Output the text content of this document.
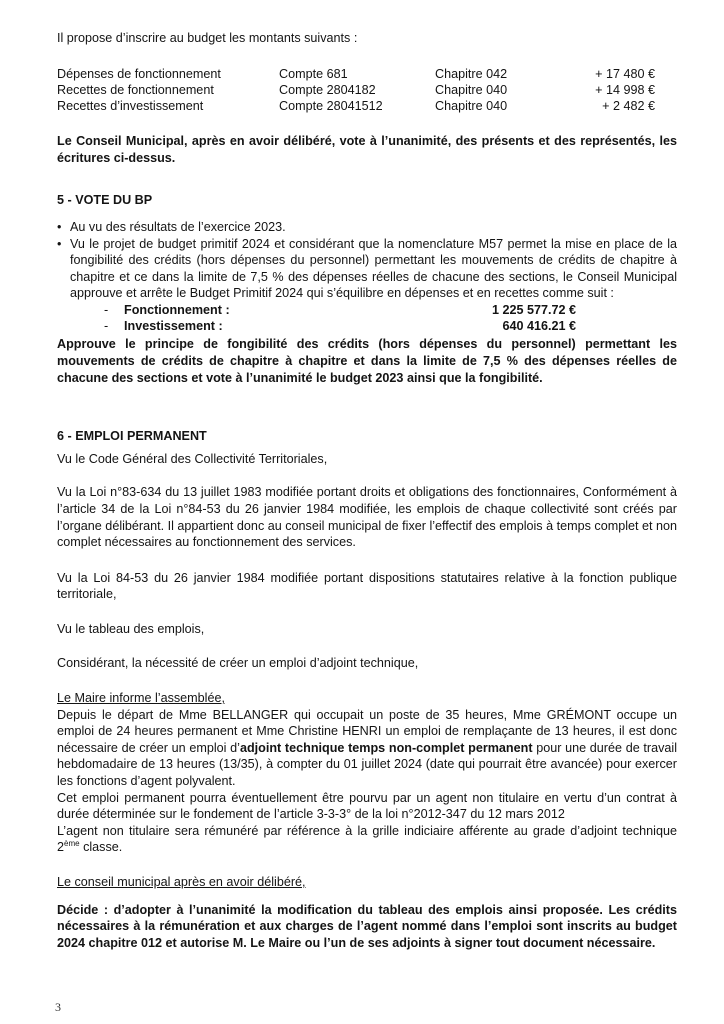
Il propose d’inscrire au budget les montants suivants :

Dépenses de fonctionnement	Compte 681	Chapitre 042	+ 17 480 €
Recettes de fonctionnement	Compte 2804182	Chapitre 040	+ 14 998 €
Recettes d’investissement	Compte 28041512	Chapitre 040	+ 2 482 €

Le Conseil Municipal, après en avoir délibéré, vote à l’unanimité, des présents et des représentés, les écritures ci-dessus.

5 - VOTE DU BP

• Au vu des résultats de l’exercice 2023.
• Vu le projet de budget primitif 2024 et considérant que la nomenclature M57 permet la mise en place de la fongibilité des crédits (hors dépenses du personnel) permettant les mouvements de crédits de chapitre à chapitre et ce dans la limite de 7,5 % des dépenses réelles de chacune des sections, le Conseil Municipal approuve et arrête le Budget Primitif 2024 qui s’équilibre en dépenses et en recettes comme suit :
-	Fonctionnement :	1 225 577.72 €
-	Investissement :	640 416.21 €

Approuve le principe de fongibilité des crédits (hors dépenses du personnel) permettant les mouvements de crédits de chapitre à chapitre et dans la limite de 7,5 % des dépenses réelles de chacune des sections et vote à l’unanimité le budget 2023 ainsi que la fongibilité.

6 - EMPLOI PERMANENT

Vu le Code Général des Collectivité Territoriales,

Vu la Loi n°83-634 du 13 juillet 1983 modifiée portant droits et obligations des fonctionnaires, Conformément à l’article 34 de la Loi n°84-53 du 26 janvier 1984 modifiée, les emplois de chaque collectivité sont créés par l’organe délibérant. Il appartient donc au conseil municipal de fixer l’effectif des emplois à temps complet et non complet nécessaires au fonctionnement des services.

Vu la Loi 84-53 du 26 janvier 1984 modifiée portant dispositions statutaires relative à la fonction publique territoriale,

Vu le tableau des emplois,

Considérant, la nécessité de créer un emploi d’adjoint technique,

Le Maire informe l’assemblée,

Depuis le départ de Mme BELLANGER qui occupait un poste de 35 heures, Mme GRÉMONT occupe un emploi de 24 heures permanent et Mme Christine HENRI un emploi de remplaçante de 13 heures, il est donc nécessaire de créer un emploi d’adjoint technique temps non-complet permanent pour une durée de travail hebdomadaire de 13 heures (13/35), à compter du 01 juillet 2024 (date qui pourrait être avancée) pour exercer les fonctions d’agent polyvalent.

Cet emploi permanent pourra éventuellement être pourvu par un agent non titulaire en vertu d’un contrat à durée déterminée sur le fondement de l’article 3-3-3° de la loi n°2012-347 du 12 mars 2012

L’agent non titulaire sera rémunéré par référence à la grille indiciaire afférente au grade d’adjoint technique 2ème classe.

Le conseil municipal après en avoir délibéré,

Décide : d’adopter à l’unanimité la modification du tableau des emplois ainsi proposée. Les crédits nécessaires à la rémunération et aux charges de l’agent nommé dans l’emploi sont inscrits au budget 2024 chapitre 012 et autorise M. Le Maire ou l’un de ses adjoints à signer tout document nécessaire.

3
